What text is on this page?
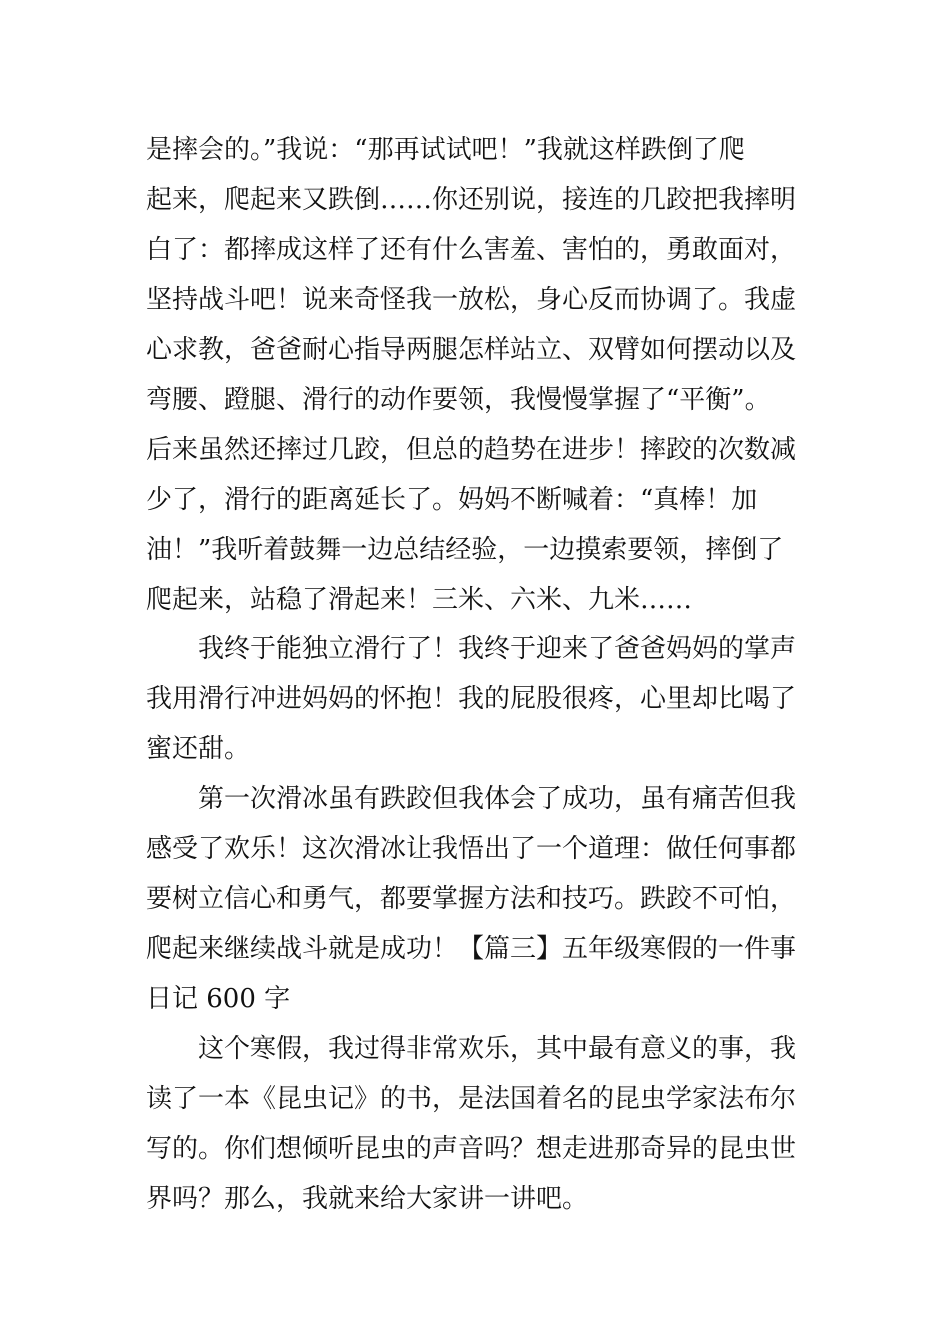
是摔会的。”我说：“那再试试吧！”我就这样跌倒了爬
起来，爬起来又跌倒……你还别说，接连的几跤把我摔明
白了：都摔成这样了还有什么害羞、害怕的，勇敢面对，
坚持战斗吧！说来奇怪我一放松，身心反而协调了。我虚
心求教，爸爸耐心指导两腿怎样站立、双臂如何摆动以及
弯腰、蹬腿、滑行的动作要领，我慢慢掌握了“平衡”。
后来虽然还摔过几跤，但总的趋势在进步！摔跤的次数减
少了，滑行的距离延长了。妈妈不断喊着：“真棒！加
油！”我听着鼓舞一边总结经验，一边摸索要领，摔倒了
爬起来，站稳了滑起来！三米、六米、九米……
我终于能独立滑行了！我终于迎来了爸爸妈妈的掌声
我用滑行冲进妈妈的怀抱！我的屁股很疼，心里却比喝了
蜜还甜。
第一次滑冰虽有跌跤但我体会了成功，虽有痛苦但我
感受了欢乐！这次滑冰让我悟出了一个道理：做任何事都
要树立信心和勇气，都要掌握方法和技巧。跌跤不可怕，
爬起来继续战斗就是成功！【篇三】五年级寒假的一件事
日记 600 字
这个寒假，我过得非常欢乐，其中最有意义的事，我
读了一本《昆虫记》的书，是法国着名的昆虫学家法布尔
写的。你们想倾听昆虫的声音吗？想走进那奇异的昆虫世
界吗？那么，我就来给大家讲一讲吧。
